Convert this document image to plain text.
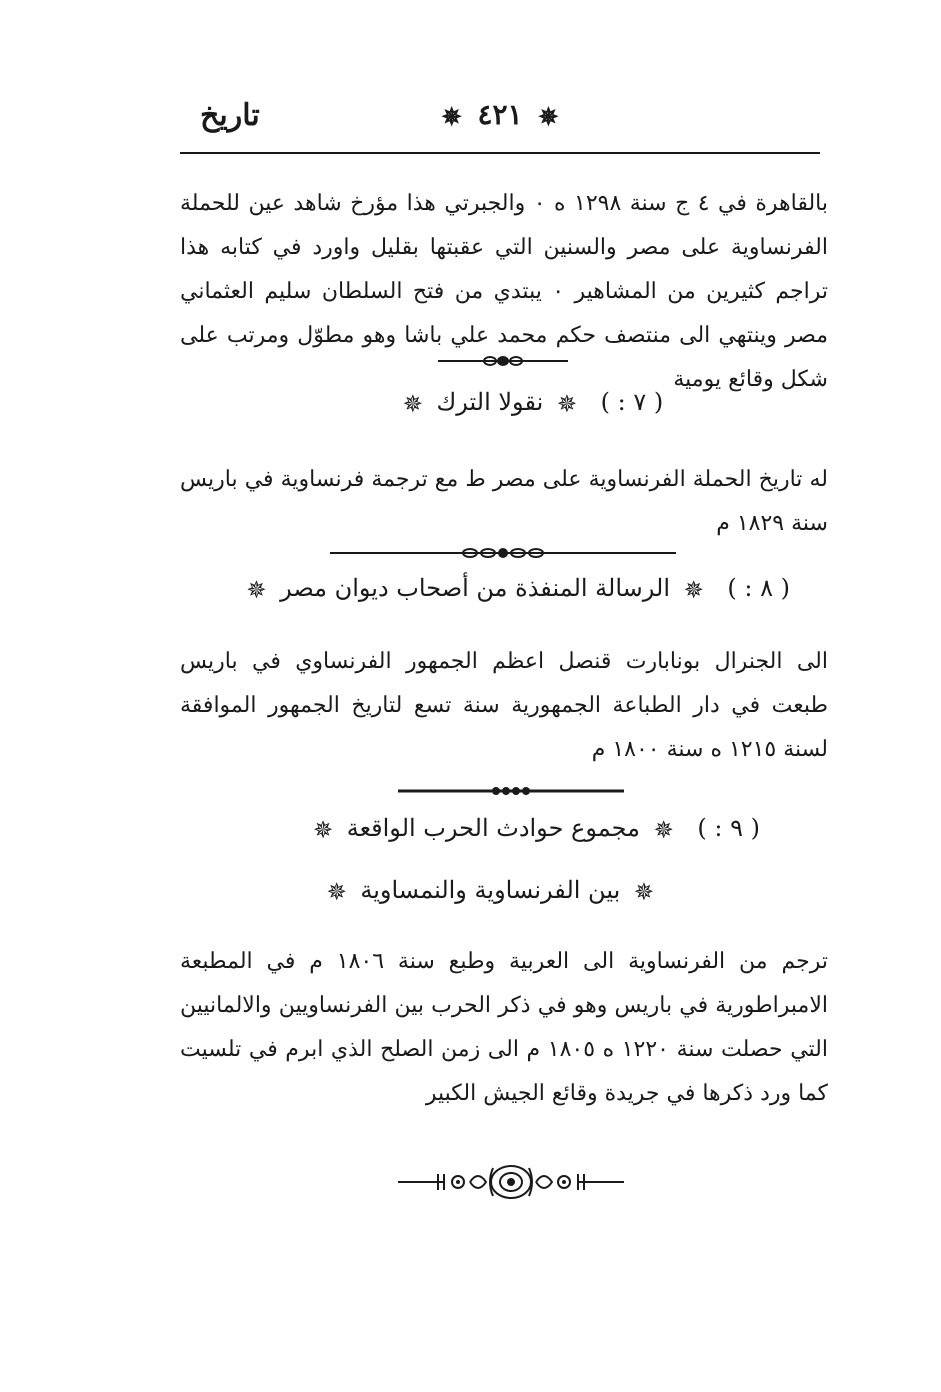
تاريخ	✵ ٤٢١ ✵
بالقاهرة في ٤ ج سنة ١٢٩٨ ه ٠ والجبرتي هذا مؤرخ شاهد عين للحملة الفرنساوية على مصر والسنين التي عقبتها بقليل واورد في كتابه هذا تراجم كثيرين من المشاهير ٠ يبتدي من فتح السلطان سليم العثماني مصر وينتهي الى منتصف حكم محمد علي باشا وهو مطوّل ومرتب على شكل وقائع يومية
( ٧ : ) ✵ نقولا الترك ✵
له تاريخ الحملة الفرنساوية على مصر ط مع ترجمة فرنساوية في باريس سنة ١٨٢٩ م
( ٨ : ) ✵ الرسالة المنفذة من أصحاب ديوان مصر ✵
الى الجنرال بونابارت قنصل اعظم الجمهور الفرنساوي في باريس طبعت في دار الطباعة الجمهورية سنة تسع لتاريخ الجمهور الموافقة لسنة ١٢١٥ ه سنة ١٨٠٠ م
( ٩ : ) ✵ مجموع حوادث الحرب الواقعة ✵
✵ بين الفرنساوية والنمساوية ✵
ترجم من الفرنساوية الى العربية وطبع سنة ١٨٠٦ م في المطبعة الامبراطورية في باريس وهو في ذكر الحرب بين الفرنساويين والالمانيين التي حصلت سنة ١٢٢٠ ه ١٨٠٥ م الى زمن الصلح الذي ابرم في تلسيت كما ورد ذكرها في جريدة وقائع الجيش الكبير
